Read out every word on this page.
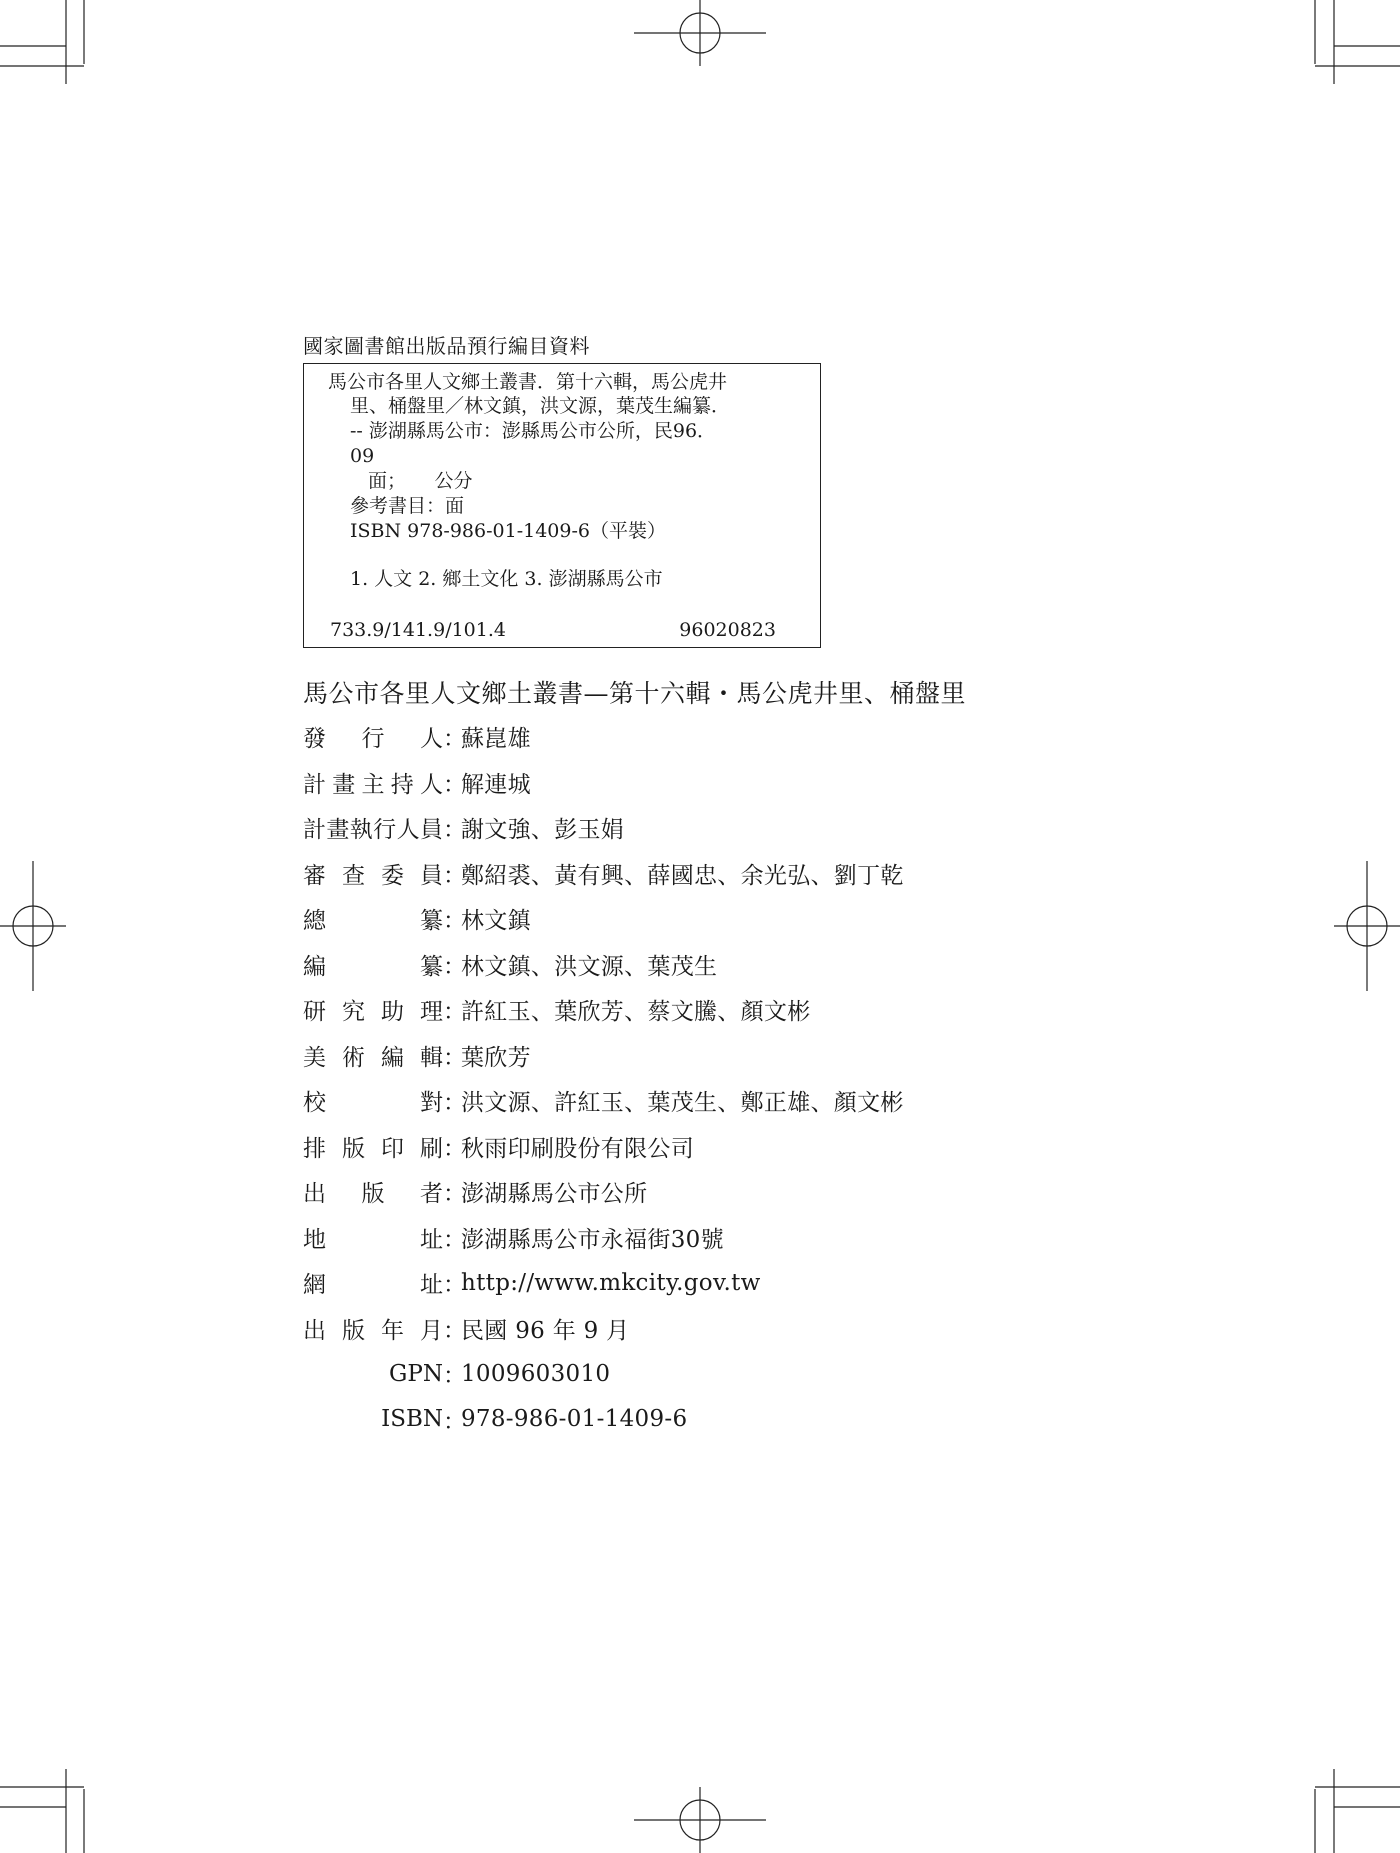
國家圖書館出版品預行編目資料
馬公市各里人文鄉土叢書．第十六輯，馬公虎井
里、桶盤里／林文鎮，洪文源，葉茂生編纂．
-- 澎湖縣馬公市：澎縣馬公市公所，民96．
09
面；　　公分
參考書目：面
ISBN 978-986-01-1409-6（平裝）
1. 人文 2. 鄉土文化 3. 澎湖縣馬公市
733.9/141.9/101.4	96020823
馬公市各里人文鄉土叢書—第十六輯・馬公虎井里、桶盤里
發 行 人 ：
蘇崑雄
計 畫 主 持 人 ：
解連城
計 畫 執 行 人 員 ：
謝文強、彭玉娟
審 查 委 員 ：
鄭紹裘、黃有興、薛國忠、余光弘、劉丁乾
總	纂 ：
林文鎮
編	纂 ：
林文鎮、洪文源、葉茂生
研 究 助 理 ：
許紅玉、葉欣芳、蔡文騰、顏文彬
美 術 編 輯 ：
葉欣芳
校	對 ：
洪文源、許紅玉、葉茂生、鄭正雄、顏文彬
排 版 印 刷 ：
秋雨印刷股份有限公司
出 版 者 ：
澎湖縣馬公市公所
地	址 ：
澎湖縣馬公市永福街30號
網	址 ：
http://www.mkcity.gov.tw
出 版 年 月 ：
民國 96 年 9 月
GPN ：
1009603010
ISBN ：
978-986-01-1409-6
